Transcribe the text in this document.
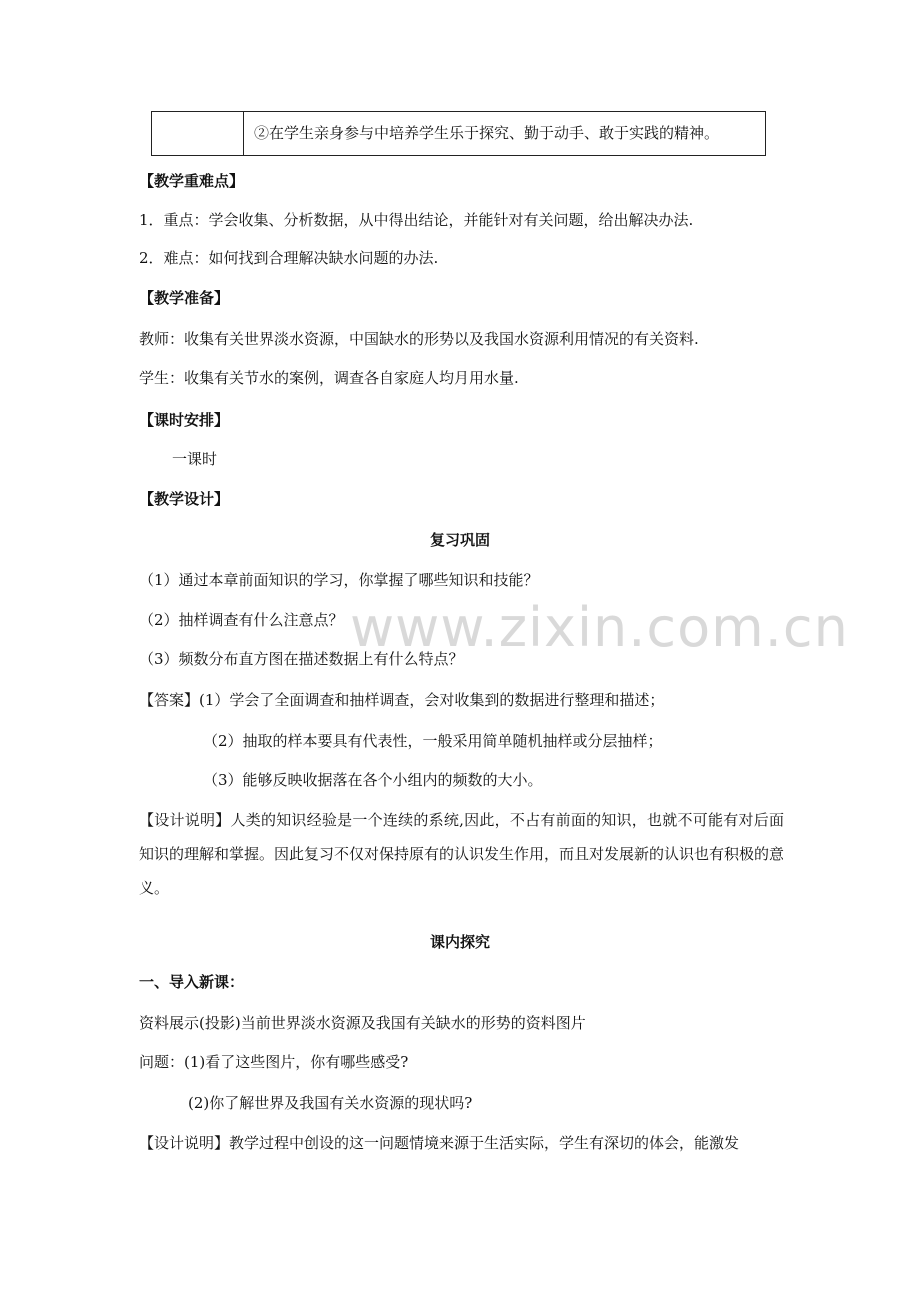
②在学生亲身参与中培养学生乐于探究、勤于动手、敢于实践的精神。
【教学重难点】
1．重点：学会收集、分析数据，从中得出结论，并能针对有关问题，给出解决办法.
2．难点：如何找到合理解决缺水问题的办法.
【教学准备】
教师：收集有关世界淡水资源，中国缺水的形势以及我国水资源利用情况的有关资料.
学生：收集有关节水的案例，调查各自家庭人均月用水量.
【课时安排】
一课时
【教学设计】
复习巩固
www.zixin.com.cn
（1）通过本章前面知识的学习，你掌握了哪些知识和技能？
（2）抽样调查有什么注意点？
（3）频数分布直方图在描述数据上有什么特点？
【答案】(1）学会了全面调查和抽样调查，会对收集到的数据进行整理和描述；
（2）抽取的样本要具有代表性，一般采用简单随机抽样或分层抽样；
（3）能够反映收据落在各个小组内的频数的大小。
【设计说明】人类的知识经验是一个连续的系统,因此，不占有前面的知识，也就不可能有对后面知识的理解和掌握。因此复习不仅对保持原有的认识发生作用，而且对发展新的认识也有积极的意义。
课内探究
一、导入新课：
资料展示(投影)当前世界淡水资源及我国有关缺水的形势的资料图片
问题：(1)看了这些图片，你有哪些感受?
(2)你了解世界及我国有关水资源的现状吗?
【设计说明】教学过程中创设的这一问题情境来源于生活实际，学生有深切的体会，能激发
